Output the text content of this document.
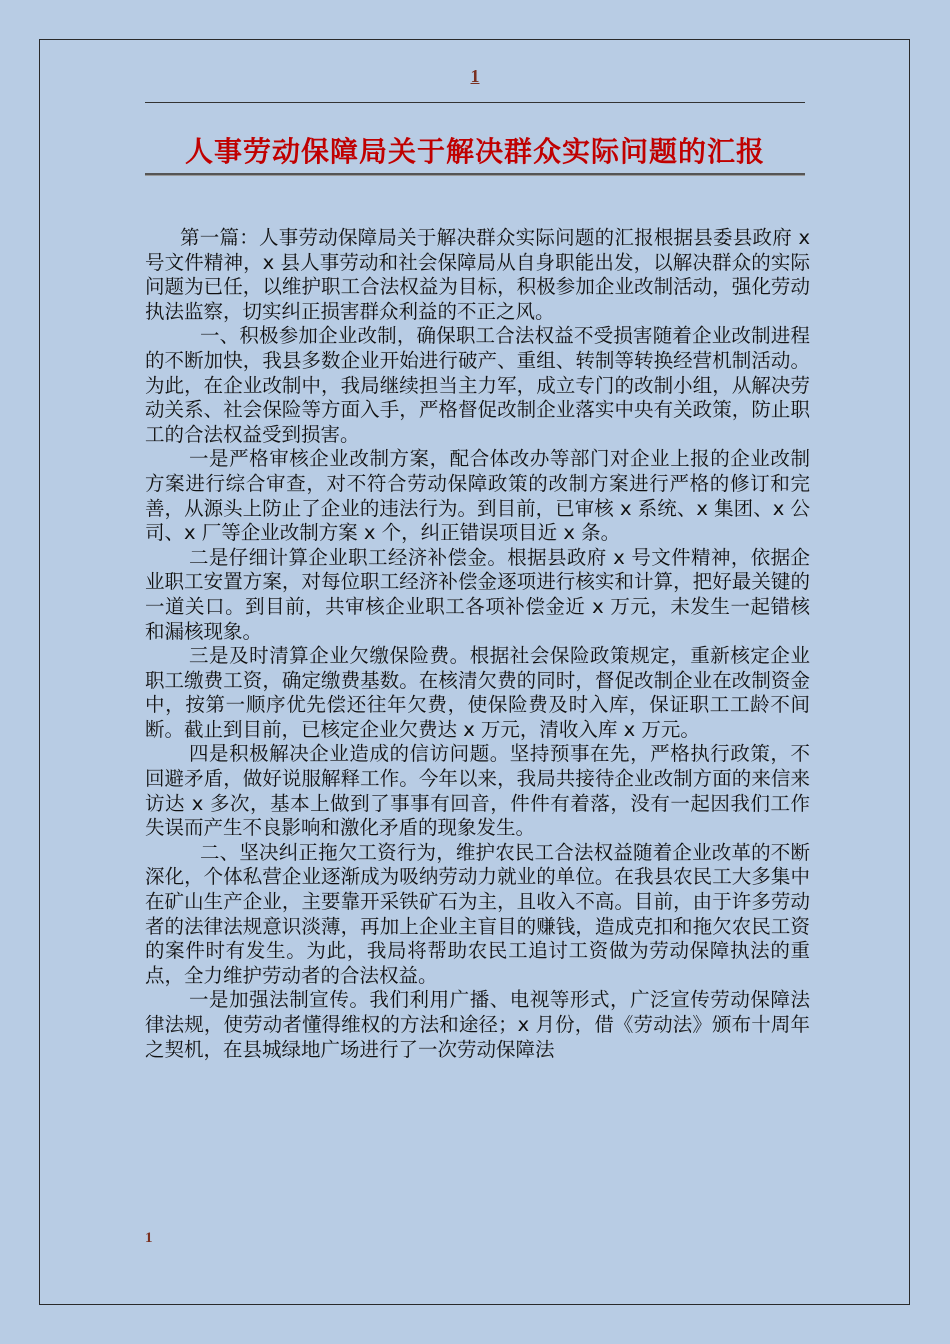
1
人事劳动保障局关于解决群众实际问题的汇报

第一篇：人事劳动保障局关于解决群众实际问题的汇报根据县委县政府 x 号文件精神，x 县人事劳动和社会保障局从自身职能出发，以解决群众的实际问题为已任，以维护职工合法权益为目标，积极参加企业改制活动，强化劳动执法监察，切实纠正损害群众利益的不正之风。

一、积极参加企业改制，确保职工合法权益不受损害随着企业改制进程的不断加快，我县多数企业开始进行破产、重组、转制等转换经营机制活动。为此，在企业改制中，我局继续担当主力军，成立专门的改制小组，从解决劳动关系、社会保险等方面入手，严格督促改制企业落实中央有关政策，防止职工的合法权益受到损害。

一是严格审核企业改制方案，配合体改办等部门对企业上报的企业改制方案进行综合审查，对不符合劳动保障政策的改制方案进行严格的修订和完善，从源头上防止了企业的违法行为。到目前，已审核 x 系统、x 集团、x 公司、x 厂等企业改制方案 x 个，纠正错误项目近 x 条。

二是仔细计算企业职工经济补偿金。根据县政府 x 号文件精神，依据企业职工安置方案，对每位职工经济补偿金逐项进行核实和计算，把好最关键的一道关口。到目前，共审核企业职工各项补偿金近 x 万元，未发生一起错核和漏核现象。

三是及时清算企业欠缴保险费。根据社会保险政策规定，重新核定企业职工缴费工资，确定缴费基数。在核清欠费的同时，督促改制企业在改制资金中，按第一顺序优先偿还往年欠费，使保险费及时入库，保证职工工龄不间断。截止到目前，已核定企业欠费达 x 万元，清收入库 x 万元。

四是积极解决企业造成的信访问题。坚持预事在先，严格执行政策，不回避矛盾，做好说服解释工作。今年以来，我局共接待企业改制方面的来信来访达 x 多次，基本上做到了事事有回音，件件有着落，没有一起因我们工作失误而产生不良影响和激化矛盾的现象发生。

二、坚决纠正拖欠工资行为，维护农民工合法权益随着企业改革的不断深化，个体私营企业逐渐成为吸纳劳动力就业的单位。在我县农民工大多集中在矿山生产企业，主要靠开采铁矿石为主，且收入不高。目前，由于许多劳动者的法律法规意识淡薄，再加上企业主盲目的赚钱，造成克扣和拖欠农民工资的案件时有发生。为此，我局将帮助农民工追讨工资做为劳动保障执法的重点，全力维护劳动者的合法权益。

一是加强法制宣传。我们利用广播、电视等形式，广泛宣传劳动保障法律法规，使劳动者懂得维权的方法和途径；x 月份，借《劳动法》颁布十周年之契机，在县城绿地广场进行了一次劳动保障法

1
